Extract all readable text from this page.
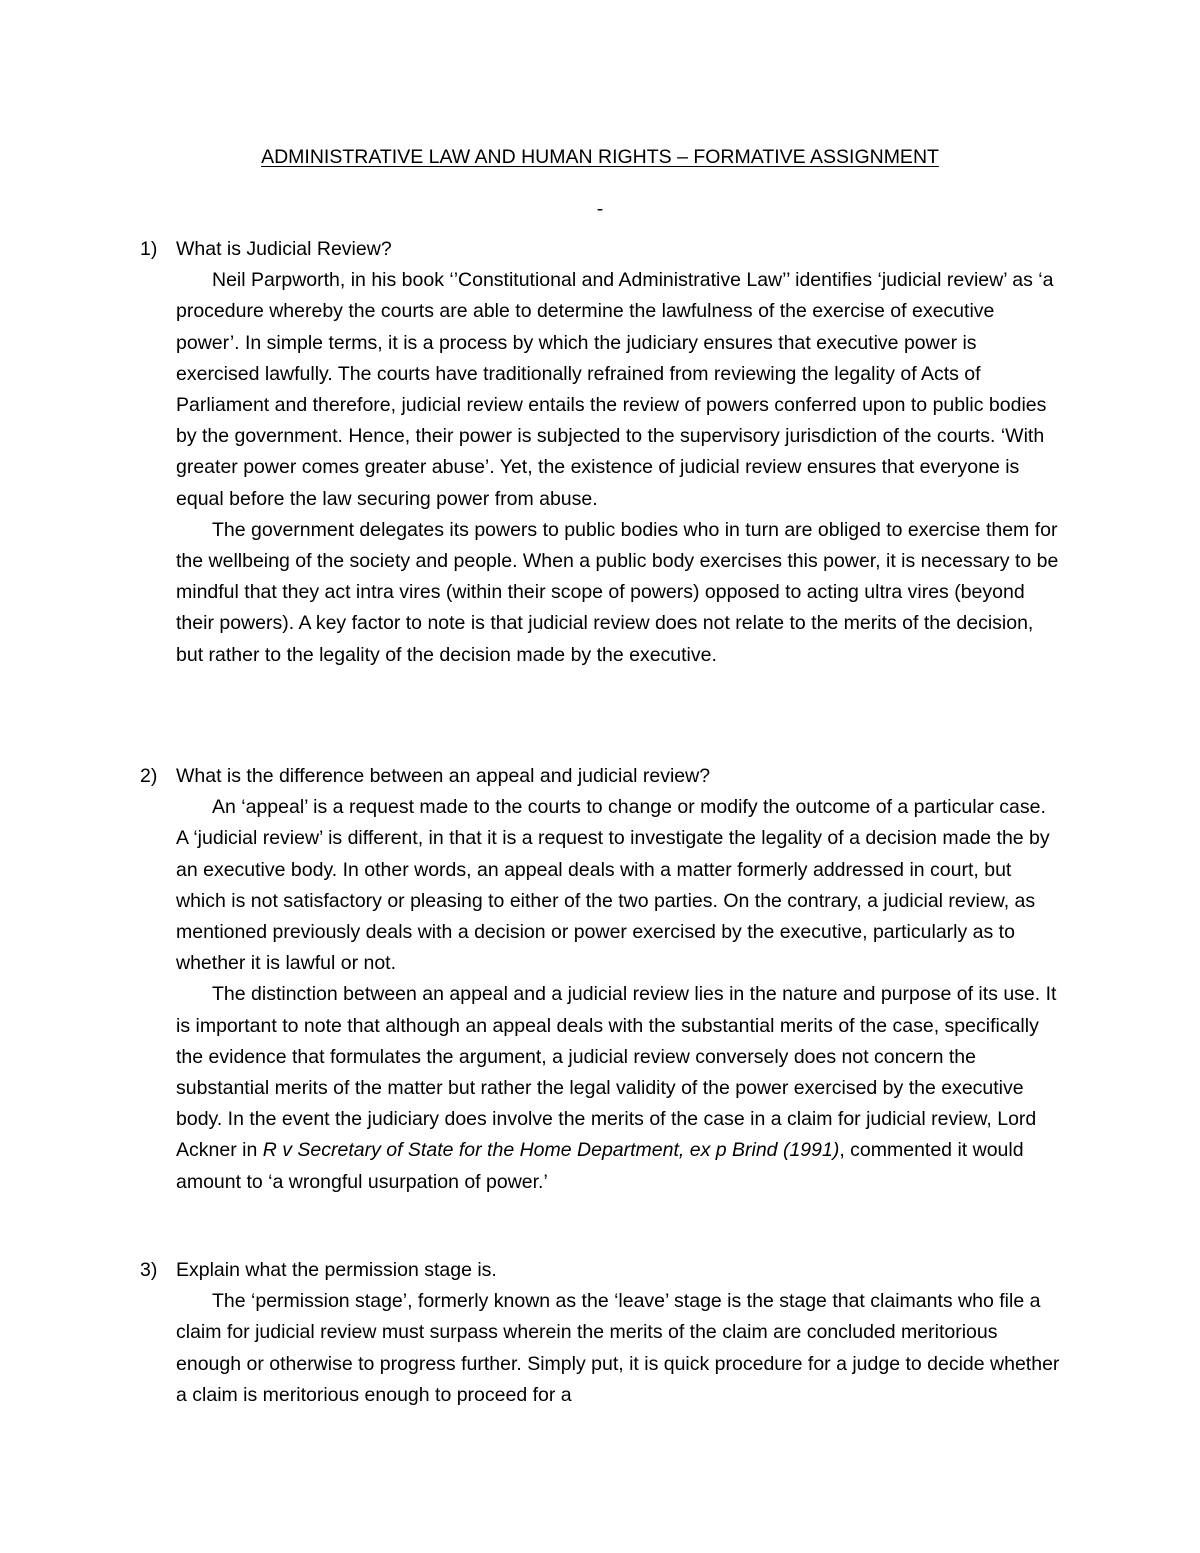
ADMINISTRATIVE LAW AND HUMAN RIGHTS – FORMATIVE ASSIGNMENT
-
1) What is Judicial Review?

Neil Parpworth, in his book ‘’Constitutional and Administrative Law’’ identifies ‘judicial review’ as ‘a procedure whereby the courts are able to determine the lawfulness of the exercise of executive power’. In simple terms, it is a process by which the judiciary ensures that executive power is exercised lawfully. The courts have traditionally refrained from reviewing the legality of Acts of Parliament and therefore, judicial review entails the review of powers conferred upon to public bodies by the government. Hence, their power is subjected to the supervisory jurisdiction of the courts. ‘With greater power comes greater abuse’. Yet, the existence of judicial review ensures that everyone is equal before the law securing power from abuse.

The government delegates its powers to public bodies who in turn are obliged to exercise them for the wellbeing of the society and people. When a public body exercises this power, it is necessary to be mindful that they act intra vires (within their scope of powers) opposed to acting ultra vires (beyond their powers). A key factor to note is that judicial review does not relate to the merits of the decision, but rather to the legality of the decision made by the executive.

2) What is the difference between an appeal and judicial review?

An ‘appeal’ is a request made to the courts to change or modify the outcome of a particular case. A ‘judicial review’ is different, in that it is a request to investigate the legality of a decision made the by an executive body. In other words, an appeal deals with a matter formerly addressed in court, but which is not satisfactory or pleasing to either of the two parties. On the contrary, a judicial review, as mentioned previously deals with a decision or power exercised by the executive, particularly as to whether it is lawful or not.

The distinction between an appeal and a judicial review lies in the nature and purpose of its use. It is important to note that although an appeal deals with the substantial merits of the case, specifically the evidence that formulates the argument, a judicial review conversely does not concern the substantial merits of the matter but rather the legal validity of the power exercised by the executive body. In the event the judiciary does involve the merits of the case in a claim for judicial review, Lord Ackner in R v Secretary of State for the Home Department, ex p Brind (1991), commented it would amount to ‘a wrongful usurpation of power.’

3) Explain what the permission stage is.

The ‘permission stage’, formerly known as the ‘leave’ stage is the stage that claimants who file a claim for judicial review must surpass wherein the merits of the claim are concluded meritorious enough or otherwise to progress further. Simply put, it is quick procedure for a judge to decide whether a claim is meritorious enough to proceed for a
